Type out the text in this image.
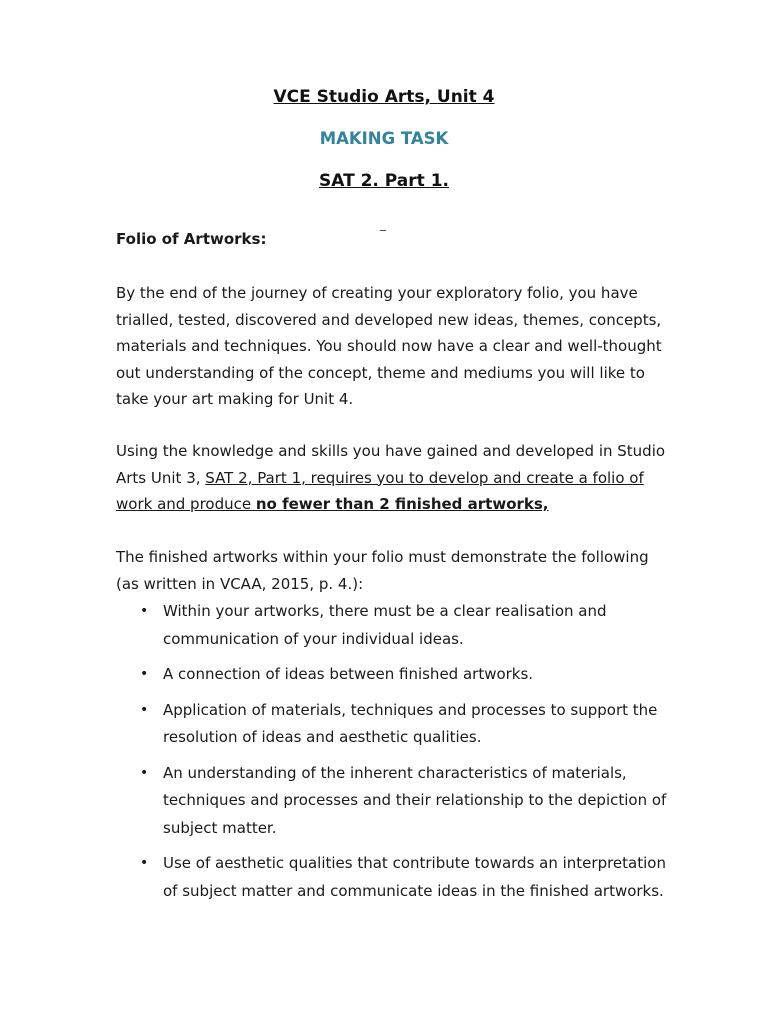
VCE Studio Arts, Unit 4
MAKING TASK
SAT 2. Part 1.
_
Folio of Artworks:
By the end of the journey of creating your exploratory folio, you have trialled, tested, discovered and developed new ideas, themes, concepts, materials and techniques. You should now have a clear and well-thought out understanding of the concept, theme and mediums you will like to take your art making for Unit 4.
Using the knowledge and skills you have gained and developed in Studio Arts Unit 3, SAT 2, Part 1, requires you to develop and create a folio of work and produce no fewer than 2 finished artworks,
The finished artworks within your folio must demonstrate the following (as written in VCAA, 2015, p. 4.):
• Within your artworks, there must be a clear realisation and communication of your individual ideas.
• A connection of ideas between finished artworks.
• Application of materials, techniques and processes to support the resolution of ideas and aesthetic qualities.
• An understanding of the inherent characteristics of materials, techniques and processes and their relationship to the depiction of subject matter.
• Use of aesthetic qualities that contribute towards an interpretation of subject matter and communicate ideas in the finished artworks.
